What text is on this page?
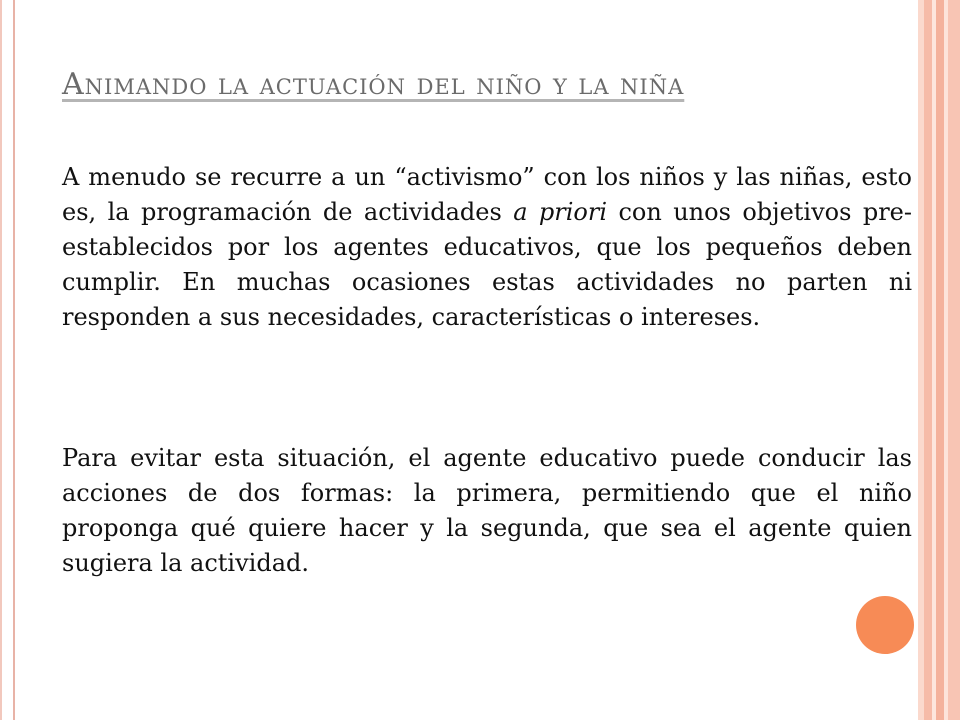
Animando la actuación del niño y la niña

A menudo se recurre a un “activismo” con los niños y las niñas, esto es, la programación de actividades a priori con unos objetivos pre-establecidos por los agentes educativos, que los pequeños deben cumplir. En muchas ocasiones estas actividades no parten ni responden a sus necesidades, características o intereses.

Para evitar esta situación, el agente educativo puede conducir las acciones de dos formas: la primera, permitiendo que el niño proponga qué quiere hacer y la segunda, que sea el agente quien sugiera la actividad.
